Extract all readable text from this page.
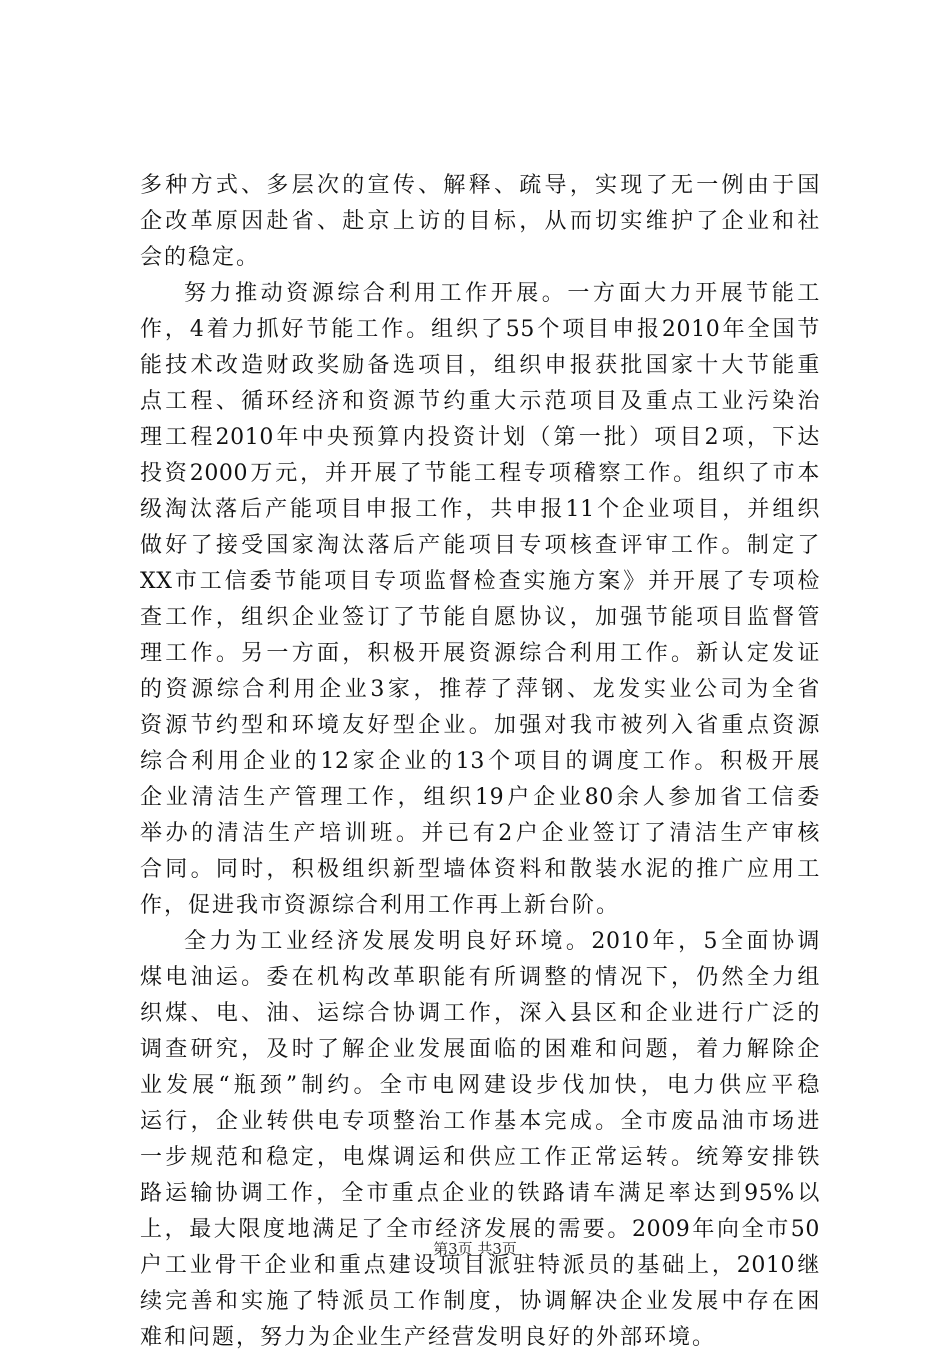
多种方式、多层次的宣传、解释、疏导，实现了无一例由于国
企改革原因赴省、赴京上访的目标，从而切实维护了企业和社
会的稳定。
努力推动资源综合利用工作开展。一方面大力开展节能工
作，4着力抓好节能工作。组织了55个项目申报2010年全国节
能技术改造财政奖励备选项目，组织申报获批国家十大节能重
点工程、循环经济和资源节约重大示范项目及重点工业污染治
理工程2010年中央预算内投资计划（第一批）项目2项，下达
投资2000万元，并开展了节能工程专项稽察工作。组织了市本
级淘汰落后产能项目申报工作，共申报11个企业项目，并组织
做好了接受国家淘汰落后产能项目专项核查评审工作。制定了
XX市工信委节能项目专项监督检查实施方案》并开展了专项检
查工作，组织企业签订了节能自愿协议，加强节能项目监督管
理工作。另一方面，积极开展资源综合利用工作。新认定发证
的资源综合利用企业3家，推荐了萍钢、龙发实业公司为全省
资源节约型和环境友好型企业。加强对我市被列入省重点资源
综合利用企业的12家企业的13个项目的调度工作。积极开展
企业清洁生产管理工作，组织19户企业80余人参加省工信委
举办的清洁生产培训班。并已有2户企业签订了清洁生产审核
合同。同时，积极组织新型墙体资料和散装水泥的推广应用工
作，促进我市资源综合利用工作再上新台阶。
全力为工业经济发展发明良好环境。2010年，5全面协调
煤电油运。委在机构改革职能有所调整的情况下，仍然全力组
织煤、电、油、运综合协调工作，深入县区和企业进行广泛的
调查研究，及时了解企业发展面临的困难和问题，着力解除企
业发展“瓶颈”制约。全市电网建设步伐加快，电力供应平稳
运行，企业转供电专项整治工作基本完成。全市废品油市场进
一步规范和稳定，电煤调运和供应工作正常运转。统筹安排铁
路运输协调工作，全市重点企业的铁路请车满足率达到95%以
上，最大限度地满足了全市经济发展的需要。2009年向全市50
户工业骨干企业和重点建设项目派驻特派员的基础上，2010继
续完善和实施了特派员工作制度，协调解决企业发展中存在困
难和问题，努力为企业生产经营发明良好的外部环境。
第3页 共3页
